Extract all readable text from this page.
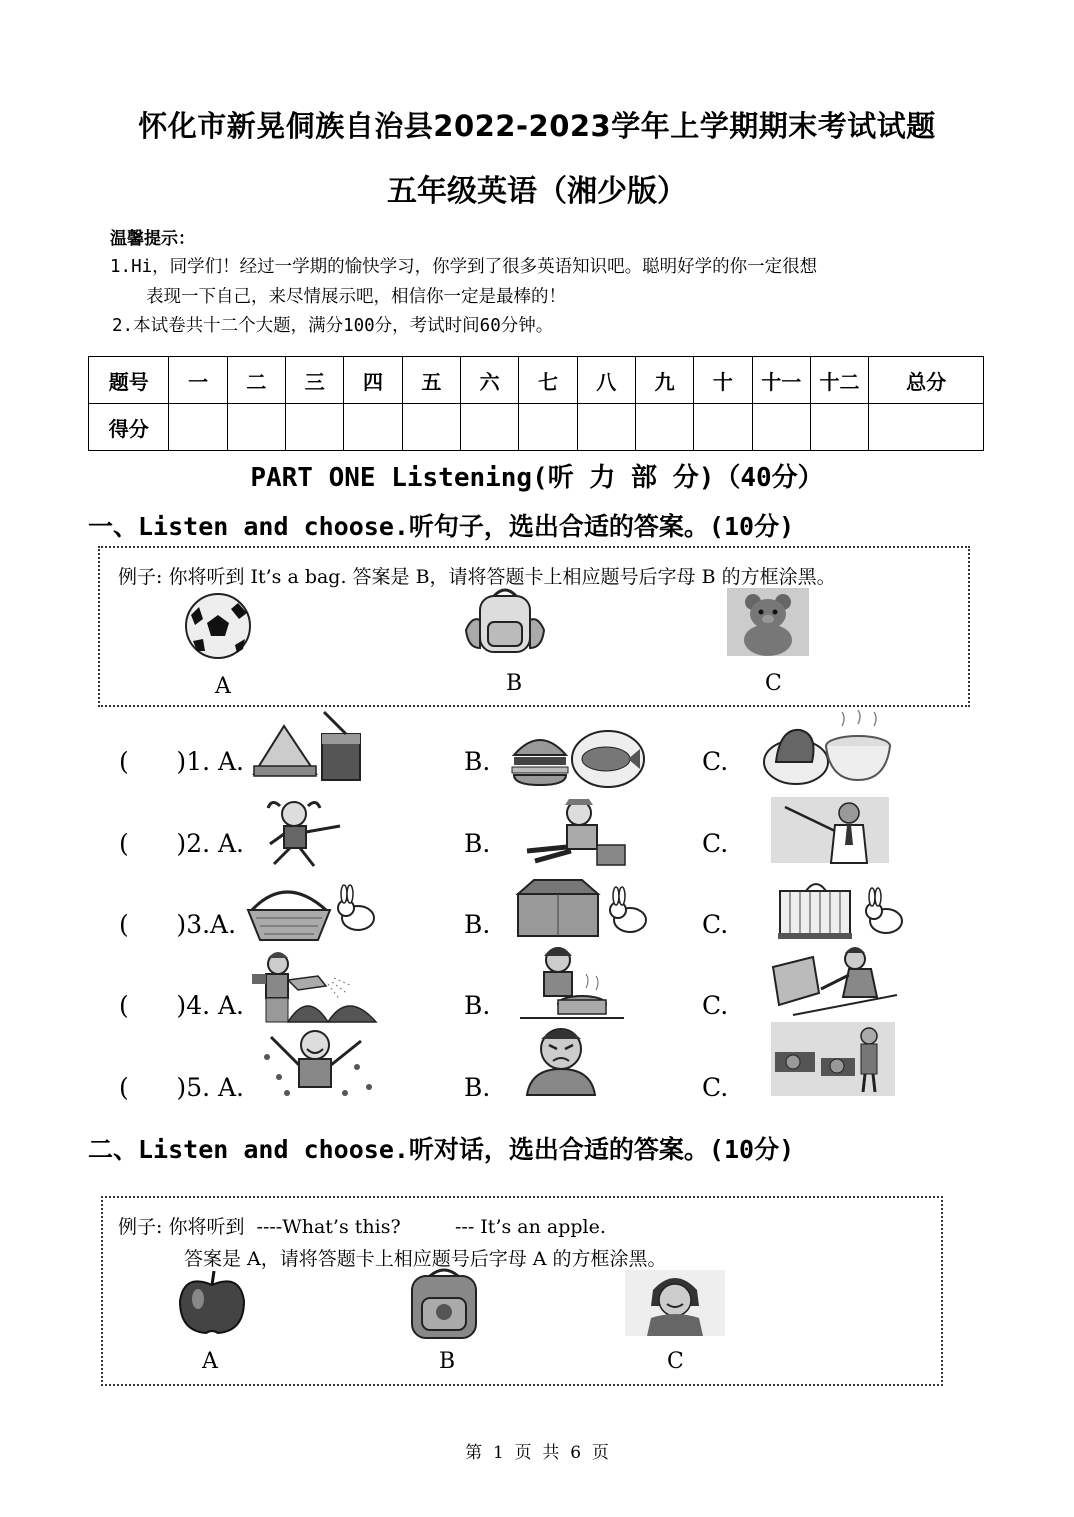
怀化市新晃侗族自治县2022-2023学年上学期期末考试试题
五年级英语（湘少版）
温馨提示：
1.Hi，同学们！经过一学期的愉快学习，你学到了很多英语知识吧。聪明好学的你一定很想
表现一下自己，来尽情展示吧，相信你一定是最棒的！
2.本试卷共十二个大题，满分100分，考试时间60分钟。
题号	一	二	三	四	五	六	七	八	九	十	十一	十二	总分
得分													
PART ONE Listening(听 力 部 分)（40分）
一、Listen and choose.听句子，选出合适的答案。(10分)
例子: 你将听到 It’s a bag. 答案是 B，请将答题卡上相应题号后字母 B 的方框涂黑。
A	B	C
(      )1. A.	B.	C.
(      )2. A.	B.	C.
(      )3.A.	B.	C.
(      )4. A.	B.	C.
(      )5. A.	B.	C.
二、Listen and choose.听对话，选出合适的答案。(10分)
例子: 你将听到  ----What’s this?         --- It’s an apple.
答案是 A，请将答题卡上相应题号后字母 A 的方框涂黑。
A	B	C
第  1  页  共  6  页
